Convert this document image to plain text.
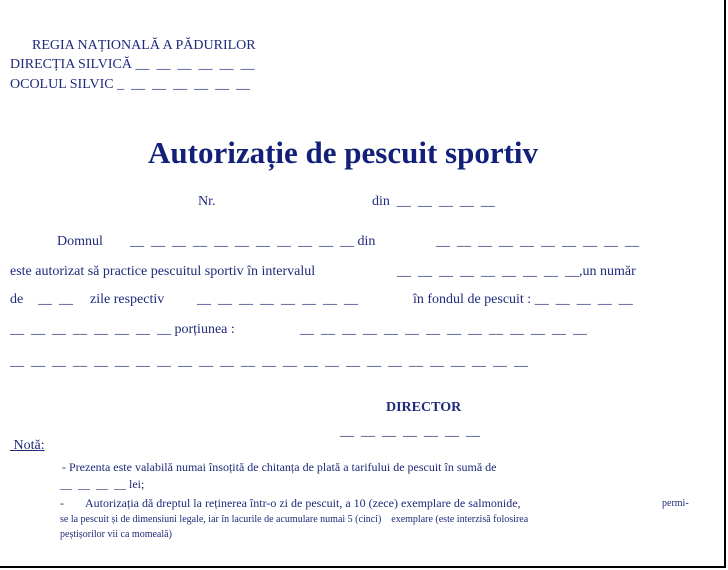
REGIA NAȚIONALĂ A PĂDURILOR
DIRECȚIA SILVICĂ __  __  __  __  __  __
OCOLUL SILVIC _  __  __  __  __  __  __
Autorizație de pescuit sportiv
Nr.	din  __  __  __  __  __
Domnul __  __  __  __  __  __  __  __  __  __  __ din	__  __  __  __  __  __  __  __  __  __
este autorizat să practice pescuitul sportiv în intervalul	__  __  __  __  __  __  __  __  __,un număr
de __  __ zile respectiv __  __  __  __  __  __  __  __	în fondul de pescuit : __  __  __  __  __
__  __  __  __  __  __  __  __ porțiunea :	__  __  __  __  __  __  __  __  __  __  __  __  __  __
__  __  __  __  __  __  __  __  __  __  __  __  __  __  __  __  __  __  __  __  __  __  __  __  __
DIRECTOR
__  __  __  __  __  __  __
Notă:
- Prezenta este valabilă numai însoțită de chitanța de plată a tarifului de pescuit în sumă de
__  __  __  __ lei;
- Autorizația dă dreptul la reținerea într-o zi de pescuit, a 10 (zece) exemplare de salmonide,	permi-
se la pescuit și de dimensiuni legale, iar în lacurile de acumulare numai 5 (cinci)    exemplare (este interzisă folosirea
peștișorilor vii ca momeală)
